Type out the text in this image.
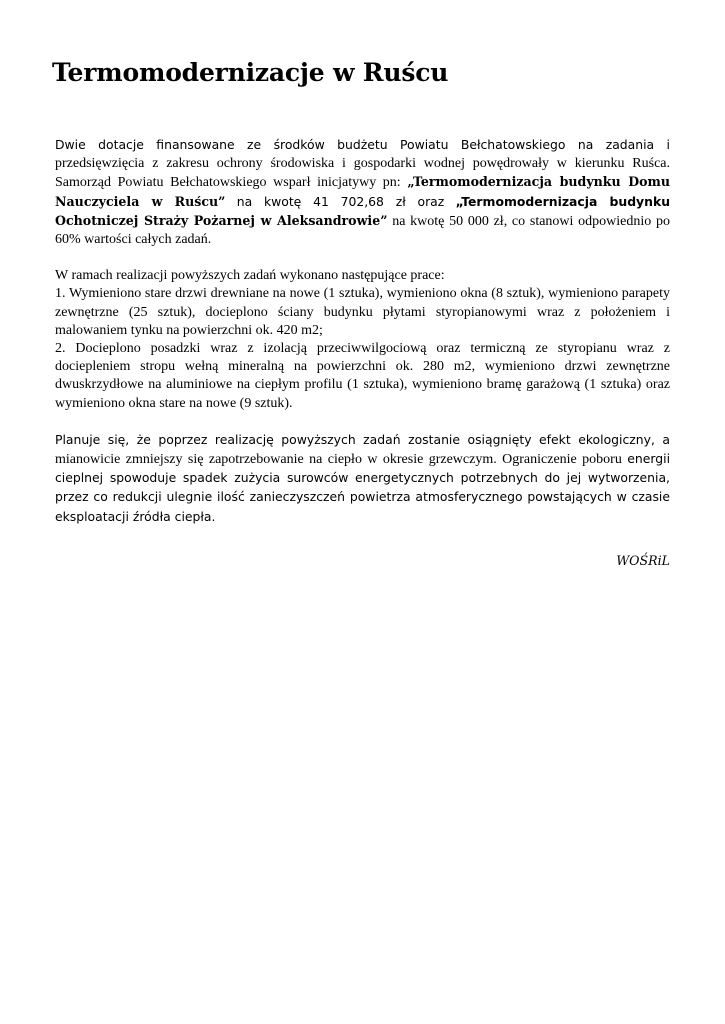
Termomodernizacje w Ruścu

Dwie dotacje finansowane ze środków budżetu Powiatu Bełchatowskiego na zadania i przedsięwzięcia z zakresu ochrony środowiska i gospodarki wodnej powędrowały w kierunku Ruśca. Samorząd Powiatu Bełchatowskiego wsparł inicjatywy pn: „Termomodernizacja budynku Domu Nauczyciela w Ruścu” na kwotę 41 702,68 zł oraz „Termomodernizacja budynku Ochotniczej Straży Pożarnej w Aleksandrowie” na kwotę 50 000 zł, co stanowi odpowiednio po 60% wartości całych zadań.

W ramach realizacji powyższych zadań wykonano następujące prace:
1. Wymieniono stare drzwi drewniane na nowe (1 sztuka), wymieniono okna (8 sztuk), wymieniono parapety zewnętrzne (25 sztuk), docieplono ściany budynku płytami styropianowymi wraz z położeniem i malowaniem tynku na powierzchni ok. 420 m2;
2. Docieplono posadzki wraz z izolacją przeciwwilgociową oraz termiczną ze styropianu wraz z dociepleniem stropu wełną mineralną na powierzchni ok. 280 m2, wymieniono drzwi zewnętrzne dwuskrzydłowe na aluminiowe na ciepłym profilu (1 sztuka), wymieniono bramę garażową (1 sztuka) oraz wymieniono okna stare na nowe (9 sztuk).

Planuje się, że poprzez realizację powyższych zadań zostanie osiągnięty efekt ekologiczny, a mianowicie zmniejszy się zapotrzebowanie na ciepło w okresie grzewczym. Ograniczenie poboru energii cieplnej spowoduje spadek zużycia surowców energetycznych potrzebnych do jej wytworzenia, przez co redukcji ulegnie ilość zanieczyszczeń powietrza atmosferycznego powstających w czasie eksploatacji źródła ciepła.

WOŚRiL
